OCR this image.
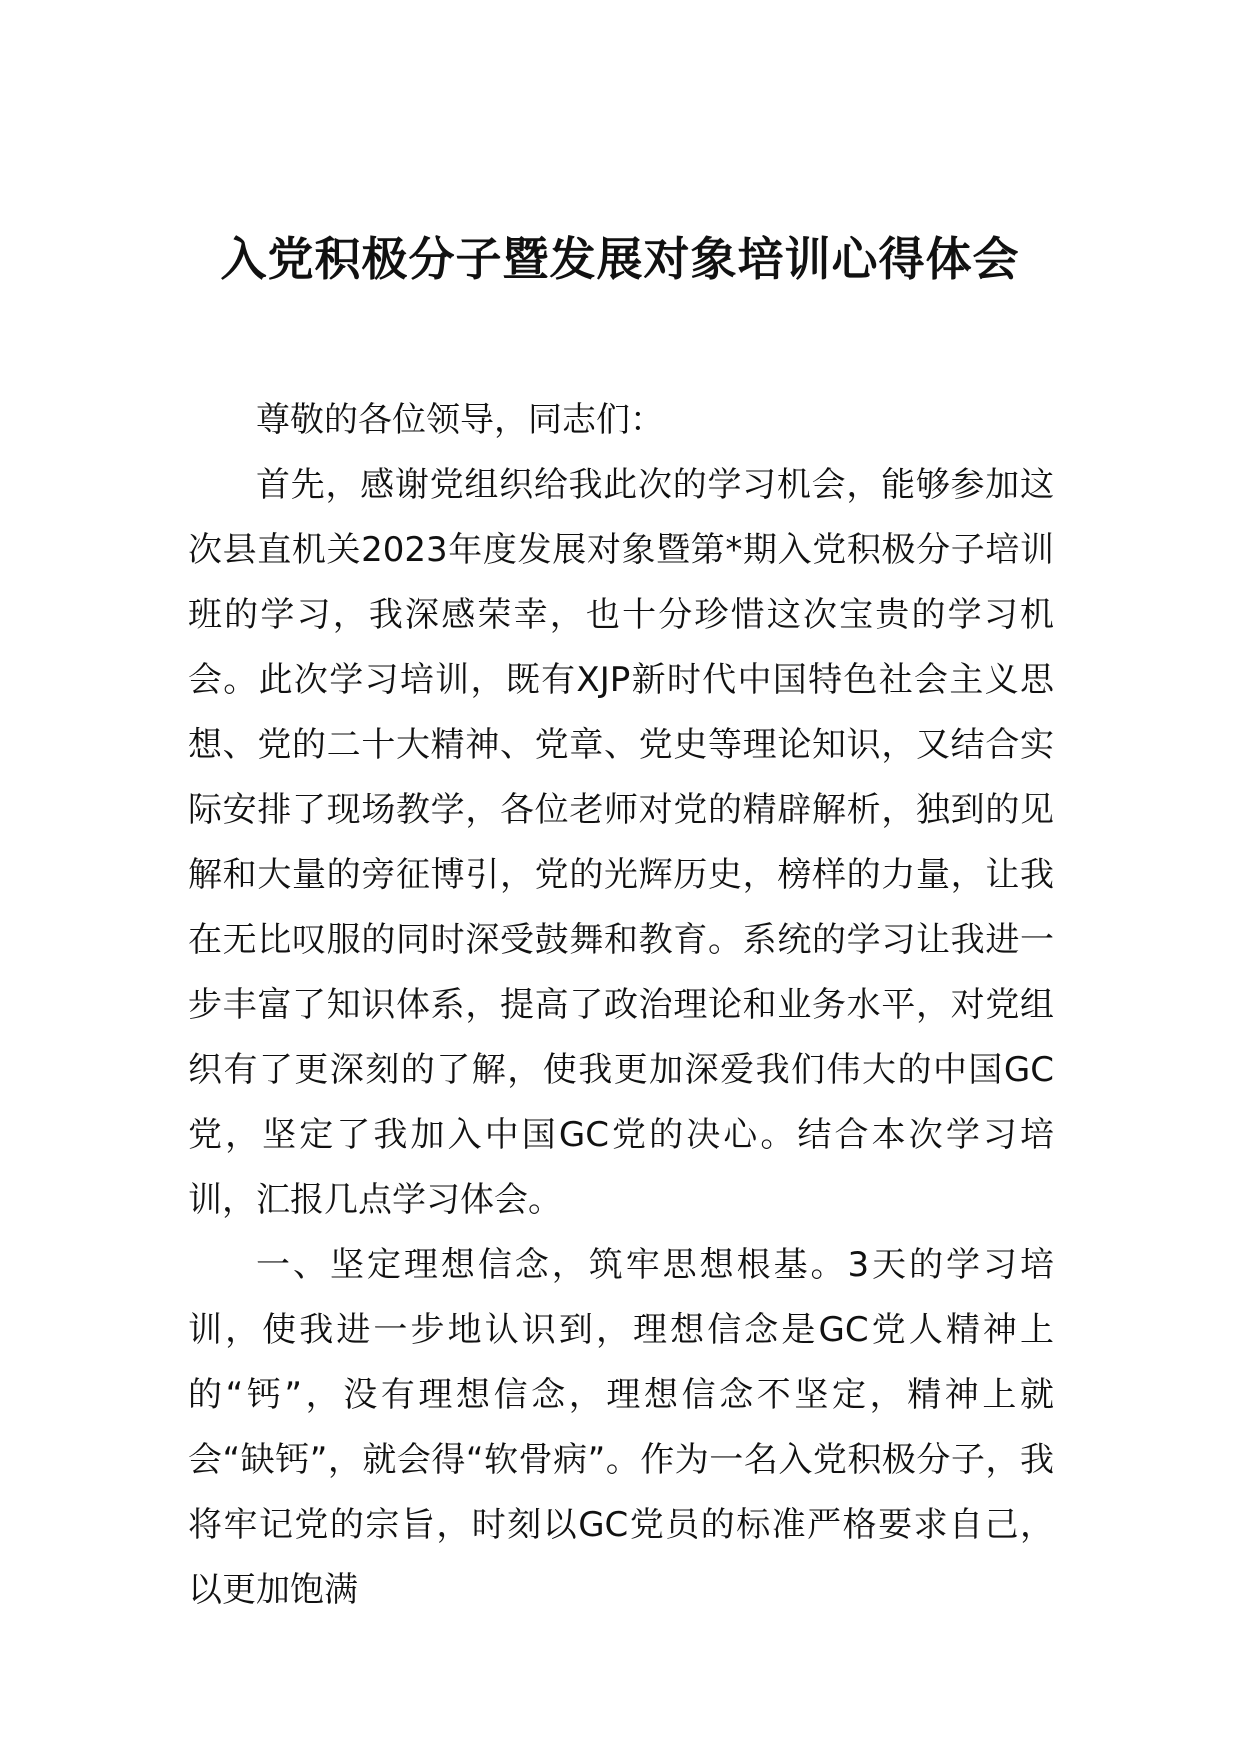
入党积极分子暨发展对象培训心得体会

尊敬的各位领导，同志们：

首先，感谢党组织给我此次的学习机会，能够参加这次县直机关2023年度发展对象暨第*期入党积极分子培训班的学习，我深感荣幸，也十分珍惜这次宝贵的学习机会。此次学习培训，既有XJP新时代中国特色社会主义思想、党的二十大精神、党章、党史等理论知识，又结合实际安排了现场教学，各位老师对党的精辟解析，独到的见解和大量的旁征博引，党的光辉历史，榜样的力量，让我在无比叹服的同时深受鼓舞和教育。系统的学习让我进一步丰富了知识体系，提高了政治理论和业务水平，对党组织有了更深刻的了解，使我更加深爱我们伟大的中国GC党，坚定了我加入中国GC党的决心。结合本次学习培训，汇报几点学习体会。

一、坚定理想信念，筑牢思想根基。3天的学习培训，使我进一步地认识到，理想信念是GC党人精神上的“钙”，没有理想信念，理想信念不坚定，精神上就会“缺钙”，就会得“软骨病”。作为一名入党积极分子，我将牢记党的宗旨，时刻以GC党员的标准严格要求自己，以更加饱满
